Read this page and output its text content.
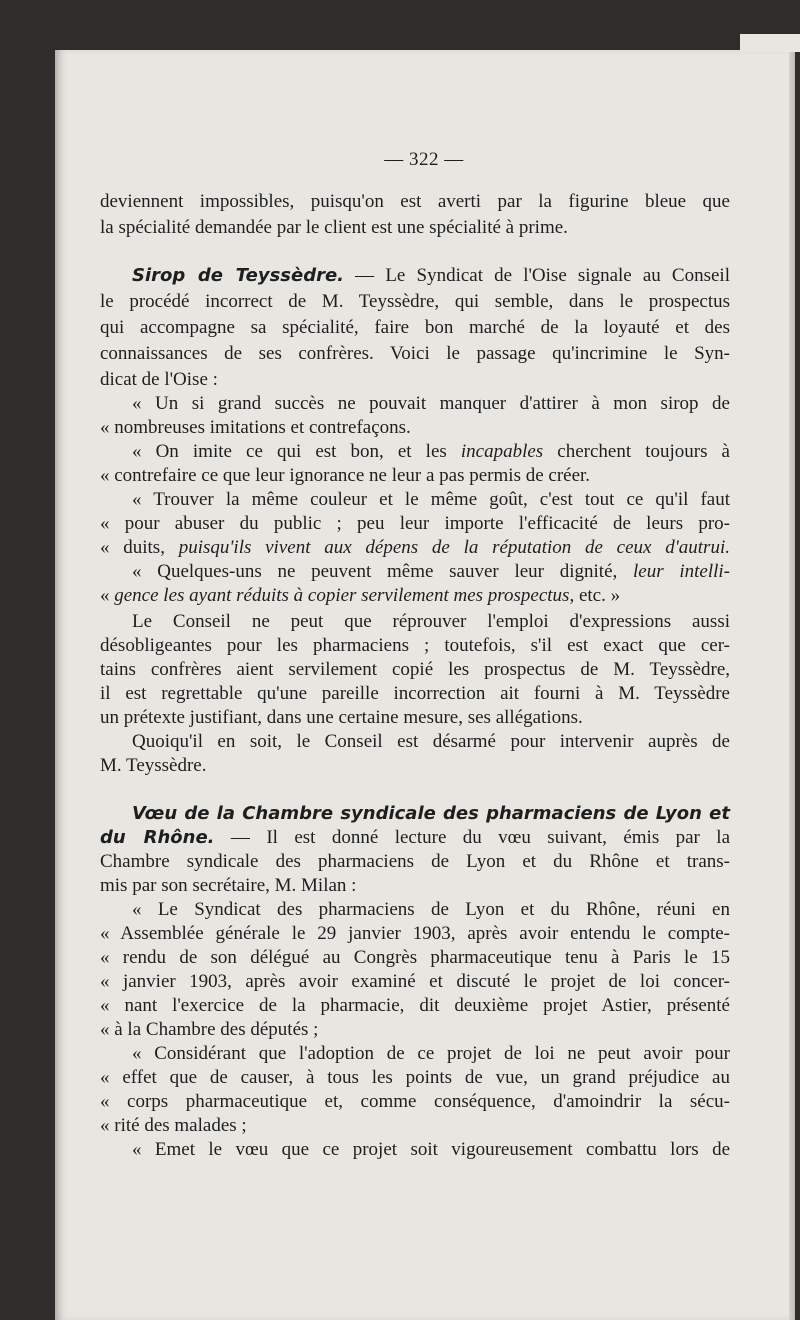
— 322 —
deviennent impossibles, puisqu'on est averti par la figurine bleue que
la spécialité demandée par le client est une spécialité à prime.
Sirop de Teyssèdre. — Le Syndicat de l'Oise signale au Conseil
le procédé incorrect de M. Teyssèdre, qui semble, dans le prospectus
qui accompagne sa spécialité, faire bon marché de la loyauté et des
connaissances de ses confrères. Voici le passage qu'incrimine le Syn-
dicat de l'Oise :
« Un si grand succès ne pouvait manquer d'attirer à mon sirop de
« nombreuses imitations et contrefaçons.
« On imite ce qui est bon, et les incapables cherchent toujours à
« contrefaire ce que leur ignorance ne leur a pas permis de créer.
« Trouver la même couleur et le même goût, c'est tout ce qu'il faut
« pour abuser du public ; peu leur importe l'efficacité de leurs pro-
« duits, puisqu'ils vivent aux dépens de la réputation de ceux d'autrui.
« Quelques-uns ne peuvent même sauver leur dignité, leur intelli-
« gence les ayant réduits à copier servilement mes prospectus, etc. »
Le Conseil ne peut que réprouver l'emploi d'expressions aussi
désobligeantes pour les pharmaciens ; toutefois, s'il est exact que cer-
tains confrères aient servilement copié les prospectus de M. Teyssèdre,
il est regrettable qu'une pareille incorrection ait fourni à M. Teyssèdre
un prétexte justifiant, dans une certaine mesure, ses allégations.
Quoiqu'il en soit, le Conseil est désarmé pour intervenir auprès de
M. Teyssèdre.
Vœu de la Chambre syndicale des pharmaciens de Lyon et
du Rhône. — Il est donné lecture du vœu suivant, émis par la
Chambre syndicale des pharmaciens de Lyon et du Rhône et trans-
mis par son secrétaire, M. Milan :
« Le Syndicat des pharmaciens de Lyon et du Rhône, réuni en
« Assemblée générale le 29 janvier 1903, après avoir entendu le compte-
« rendu de son délégué au Congrès pharmaceutique tenu à Paris le 15
« janvier 1903, après avoir examiné et discuté le projet de loi concer-
« nant l'exercice de la pharmacie, dit deuxième projet Astier, présenté
« à la Chambre des députés ;
« Considérant que l'adoption de ce projet de loi ne peut avoir pour
« effet que de causer, à tous les points de vue, un grand préjudice au
« corps pharmaceutique et, comme conséquence, d'amoindrir la sécu-
« rité des malades ;
« Emet le vœu que ce projet soit vigoureusement combattu lors de
